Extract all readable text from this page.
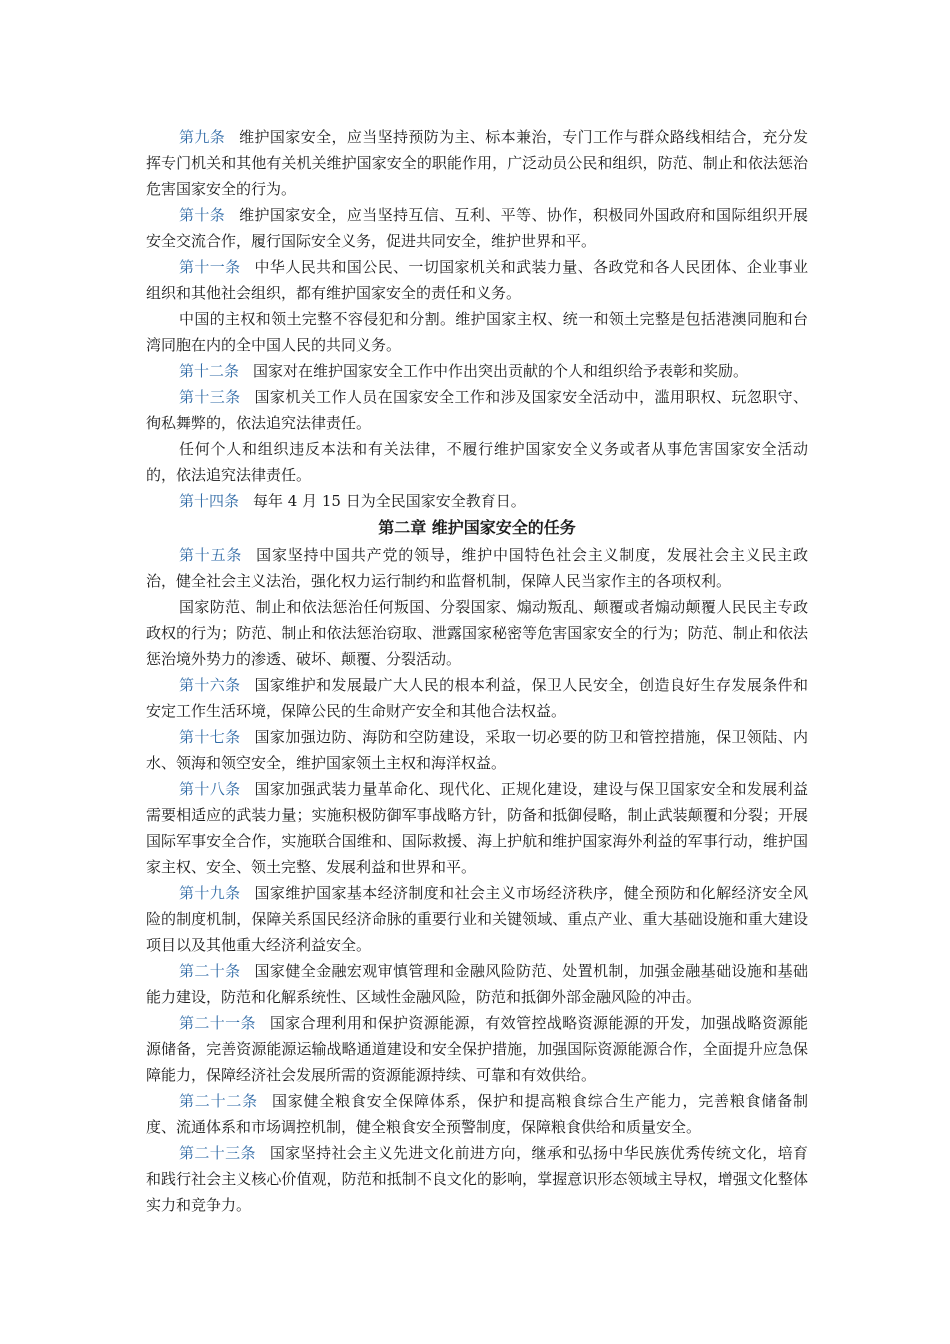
第九条 维护国家安全，应当坚持预防为主、标本兼治，专门工作与群众路线相结合，充分发挥专门机关和其他有关机关维护国家安全的职能作用，广泛动员公民和组织，防范、制止和依法惩治危害国家安全的行为。

第十条 维护国家安全，应当坚持互信、互利、平等、协作，积极同外国政府和国际组织开展安全交流合作，履行国际安全义务，促进共同安全，维护世界和平。

第十一条 中华人民共和国公民、一切国家机关和武装力量、各政党和各人民团体、企业事业组织和其他社会组织，都有维护国家安全的责任和义务。

中国的主权和领土完整不容侵犯和分割。维护国家主权、统一和领土完整是包括港澳同胞和台湾同胞在内的全中国人民的共同义务。

第十二条 国家对在维护国家安全工作中作出突出贡献的个人和组织给予表彰和奖励。

第十三条 国家机关工作人员在国家安全工作和涉及国家安全活动中，滥用职权、玩忽职守、徇私舞弊的，依法追究法律责任。

任何个人和组织违反本法和有关法律，不履行维护国家安全义务或者从事危害国家安全活动的，依法追究法律责任。

第十四条 每年 4 月 15 日为全民国家安全教育日。

第二章 维护国家安全的任务

第十五条 国家坚持中国共产党的领导，维护中国特色社会主义制度，发展社会主义民主政治，健全社会主义法治，强化权力运行制约和监督机制，保障人民当家作主的各项权利。

国家防范、制止和依法惩治任何叛国、分裂国家、煽动叛乱、颠覆或者煽动颠覆人民民主专政政权的行为；防范、制止和依法惩治窃取、泄露国家秘密等危害国家安全的行为；防范、制止和依法惩治境外势力的渗透、破坏、颠覆、分裂活动。

第十六条 国家维护和发展最广大人民的根本利益，保卫人民安全，创造良好生存发展条件和安定工作生活环境，保障公民的生命财产安全和其他合法权益。

第十七条 国家加强边防、海防和空防建设，采取一切必要的防卫和管控措施，保卫领陆、内水、领海和领空安全，维护国家领土主权和海洋权益。

第十八条 国家加强武装力量革命化、现代化、正规化建设，建设与保卫国家安全和发展利益需要相适应的武装力量；实施积极防御军事战略方针，防备和抵御侵略，制止武装颠覆和分裂；开展国际军事安全合作，实施联合国维和、国际救援、海上护航和维护国家海外利益的军事行动，维护国家主权、安全、领土完整、发展利益和世界和平。

第十九条 国家维护国家基本经济制度和社会主义市场经济秩序，健全预防和化解经济安全风险的制度机制，保障关系国民经济命脉的重要行业和关键领域、重点产业、重大基础设施和重大建设项目以及其他重大经济利益安全。

第二十条 国家健全金融宏观审慎管理和金融风险防范、处置机制，加强金融基础设施和基础能力建设，防范和化解系统性、区域性金融风险，防范和抵御外部金融风险的冲击。

第二十一条 国家合理利用和保护资源能源，有效管控战略资源能源的开发，加强战略资源能源储备，完善资源能源运输战略通道建设和安全保护措施，加强国际资源能源合作，全面提升应急保障能力，保障经济社会发展所需的资源能源持续、可靠和有效供给。

第二十二条 国家健全粮食安全保障体系，保护和提高粮食综合生产能力，完善粮食储备制度、流通体系和市场调控机制，健全粮食安全预警制度，保障粮食供给和质量安全。

第二十三条 国家坚持社会主义先进文化前进方向，继承和弘扬中华民族优秀传统文化，培育和践行社会主义核心价值观，防范和抵制不良文化的影响，掌握意识形态领域主导权，增强文化整体实力和竞争力。
